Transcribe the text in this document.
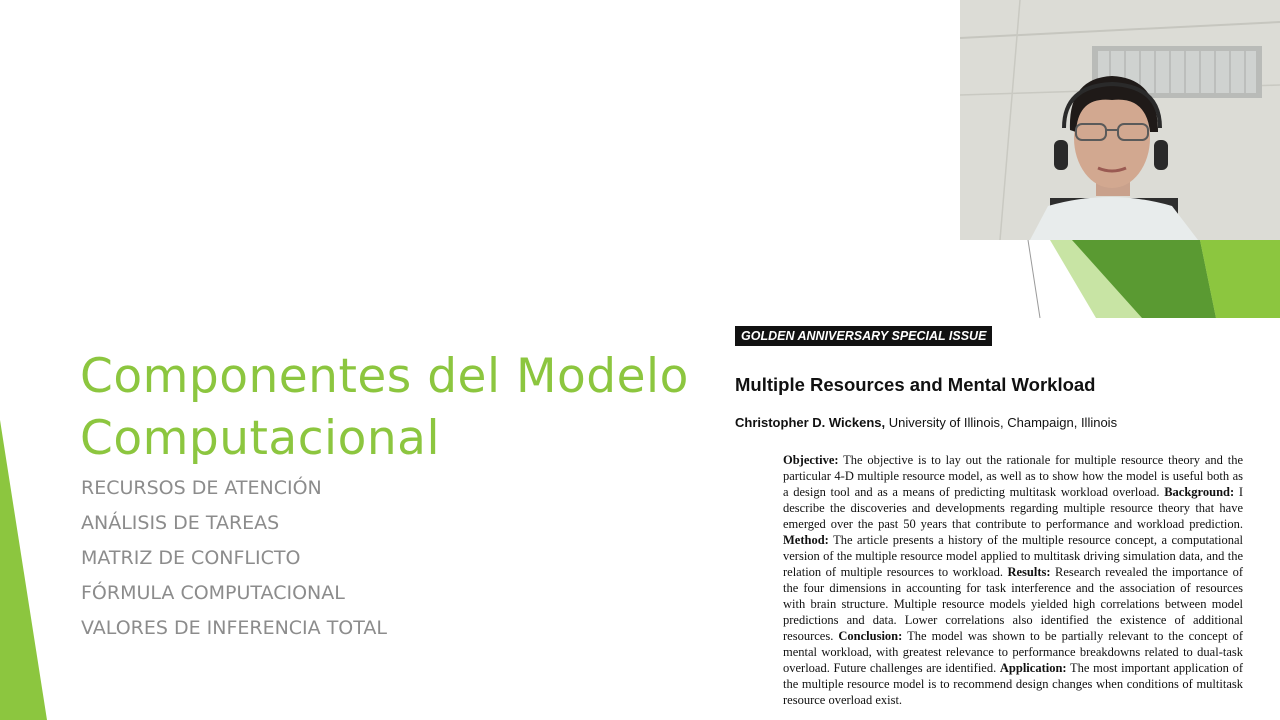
Componentes del Modelo
Computacional
RECURSOS DE ATENCIÓN
ANÁLISIS DE TAREAS
MATRIZ DE CONFLICTO
FÓRMULA COMPUTACIONAL
VALORES DE INFERENCIA TOTAL
GOLDEN ANNIVERSARY SPECIAL ISSUE
Multiple Resources and Mental Workload
Christopher D. Wickens, University of Illinois, Champaign, Illinois

Objective: The objective is to lay out the rationale for multiple resource theory and the particular 4-D multiple resource model, as well as to show how the model is useful both as a design tool and as a means of predicting multitask workload overload. Background: I describe the discoveries and developments regarding multiple resource theory that have emerged over the past 50 years that contribute to performance and workload prediction. Method: The article presents a history of the multiple resource concept, a computational version of the multiple resource model applied to multitask driving simulation data, and the relation of multiple resources to workload. Results: Research revealed the importance of the four dimensions in accounting for task interference and the association of resources with brain structure. Multiple resource models yielded high correlations between model predictions and data. Lower correlations also identified the existence of additional resources. Conclusion: The model was shown to be partially relevant to the concept of mental workload, with greatest relevance to performance breakdowns related to dual-task overload. Future challenges are identified. Application: The most important application of the multiple resource model is to recommend design changes when conditions of multitask resource overload exist.
